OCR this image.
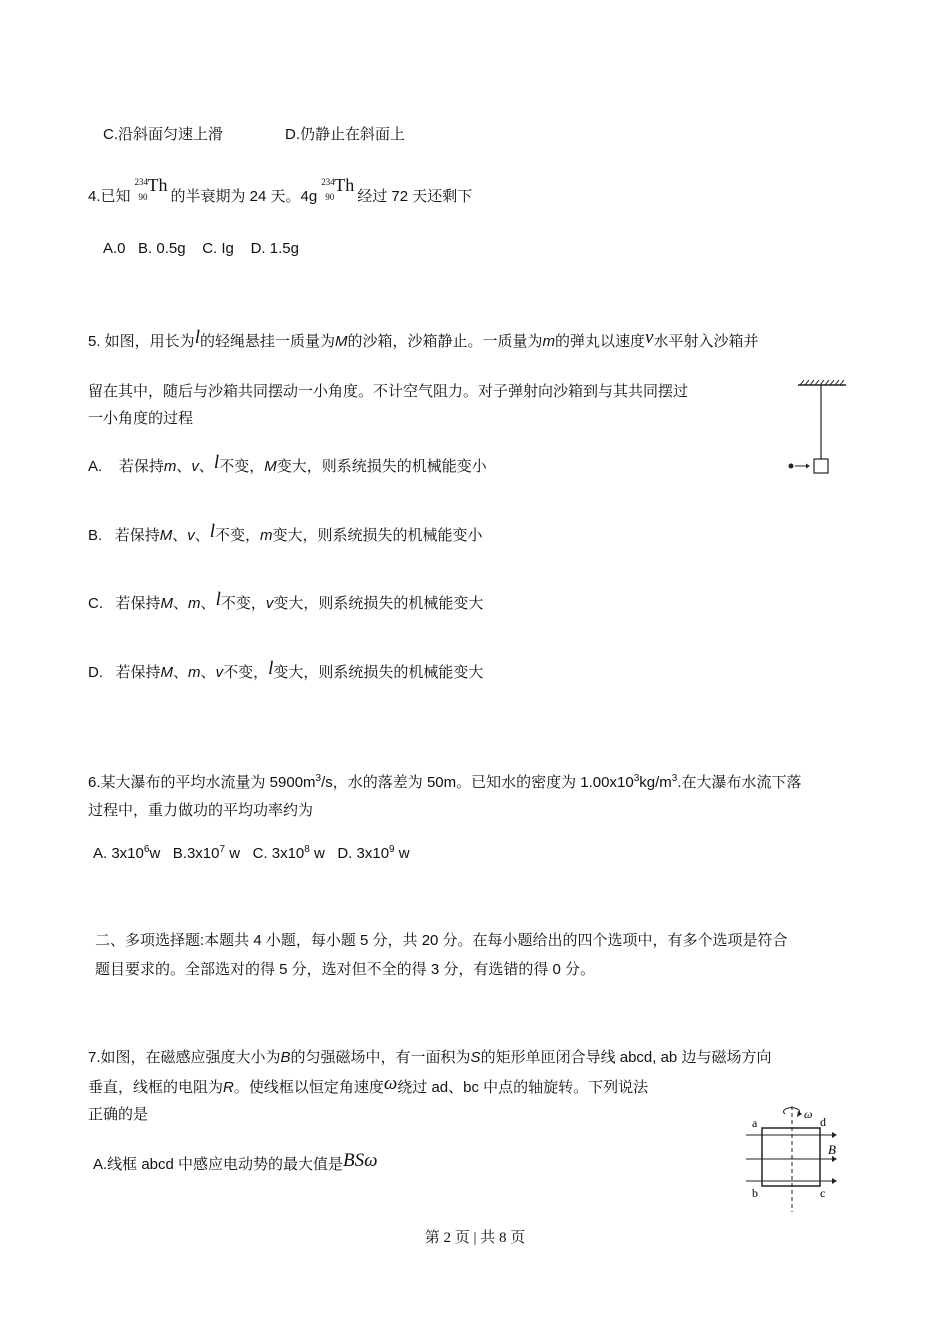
C.沿斜面匀速上滑	D.仍静止在斜面上
4.已知
234
90
Th
的半衰期为 24 天。4g
234
90
Th
经过 72 天还剩下
A.0   B. 0.5g    C. Ig    D. 1.5g
5. 如图，用长为l的轻绳悬挂一质量为M的沙箱，沙箱静止。一质量为m的弹丸以速度v水平射入沙箱并
留在其中，随后与沙箱共同摆动一小角度。不计空气阻力。对子弹射向沙箱到与其共同摆过
一小角度的过程
A. 若保持m、v、l不变，M变大，则系统损失的机械能变小
B. 若保持M、v、l不变，m变大，则系统损失的机械能变小
C. 若保持M、m、l不变，v变大，则系统损失的机械能变大
D. 若保持M、m、v不变，l变大，则系统损失的机械能变大
6.某大瀑布的平均水流量为 $5900m^3/s$，水的落差为 50m。已知水的密度为 $1.00x10^3kg/m^3$.在大瀑布水流下落
过程中，重力做功的平均功率约为
A. $3x10^6w$   $B.3x10^7$ w   C. $3x10^8$ w   D. $3x10^9$ w
二、多项选择题:本题共 4 小题，每小题 5 分，共 20 分。在每小题给出的四个选项中，有多个选项是符合
题目要求的。全部选对的得 5 分，选对但不全的得 3 分，有选错的得 0 分。
7.如图，在磁感应强度大小为B的匀强磁场中，有一面积为S的矩形单匝闭合导线 abcd, ab 边与磁场方向
垂直，线框的电阻为R。使线框以恒定角速度ω绕过 ad、bc 中点的轴旋转。下列说法
正确的是
A.线框 abcd 中感应电动势的最大值是BSω
ω
B
a	d
b	c
第 2 页 | 共 8 页
